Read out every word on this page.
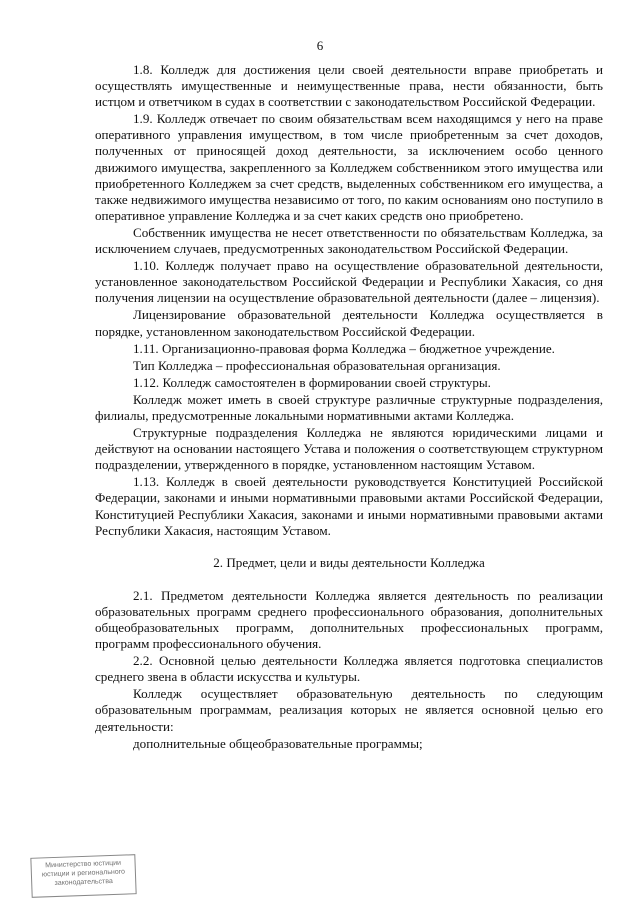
6

1.8. Колледж для достижения цели своей деятельности вправе приобретать и осуществлять имущественные и неимущественные права, нести обязанности, быть истцом и ответчиком в судах в соответствии с законодательством Российской Федерации.

1.9. Колледж отвечает по своим обязательствам всем находящимся у него на праве оперативного управления имуществом, в том числе приобретенным за счет доходов, полученных от приносящей доход деятельности, за исключением особо ценного движимого имущества, закрепленного за Колледжем собственником этого имущества или приобретенного Колледжем за счет средств, выделенных собственником его имущества, а также недвижимого имущества независимо от того, по каким основаниям оно поступило в оперативное управление Колледжа и за счет каких средств оно приобретено.

Собственник имущества не несет ответственности по обязательствам Колледжа, за исключением случаев, предусмотренных законодательством Российской Федерации.

1.10. Колледж получает право на осуществление образовательной деятельности, установленное законодательством Российской Федерации и Республики Хакасия, со дня получения лицензии на осуществление образовательной деятельности (далее – лицензия).

Лицензирование образовательной деятельности Колледжа осуществляется в порядке, установленном законодательством Российской Федерации.

1.11. Организационно-правовая форма Колледжа – бюджетное учреждение.

Тип Колледжа – профессиональная образовательная организация.

1.12. Колледж самостоятелен в формировании своей структуры.

Колледж может иметь в своей структуре различные структурные подразделения, филиалы, предусмотренные локальными нормативными актами Колледжа.

Структурные подразделения Колледжа не являются юридическими лицами и действуют на основании настоящего Устава и положения о соответствующем структурном подразделении, утвержденного в порядке, установленном настоящим Уставом.

1.13. Колледж в своей деятельности руководствуется Конституцией Российской Федерации, законами и иными нормативными правовыми актами Российской Федерации, Конституцией Республики Хакасия, законами и иными нормативными правовыми актами Республики Хакасия, настоящим Уставом.

2. Предмет, цели и виды деятельности Колледжа

2.1. Предметом деятельности Колледжа является деятельность по реализации образовательных программ среднего профессионального образования, дополнительных общеобразовательных программ, дополнительных профессиональных программ, программ профессионального обучения.

2.2. Основной целью деятельности Колледжа является подготовка специалистов среднего звена в области искусства и культуры.

Колледж осуществляет образовательную деятельность по следующим образовательным программам, реализация которых не является основной целью его деятельности:

дополнительные общеобразовательные программы;

Министерство юстиции
юстиции и регионального
законодательства
